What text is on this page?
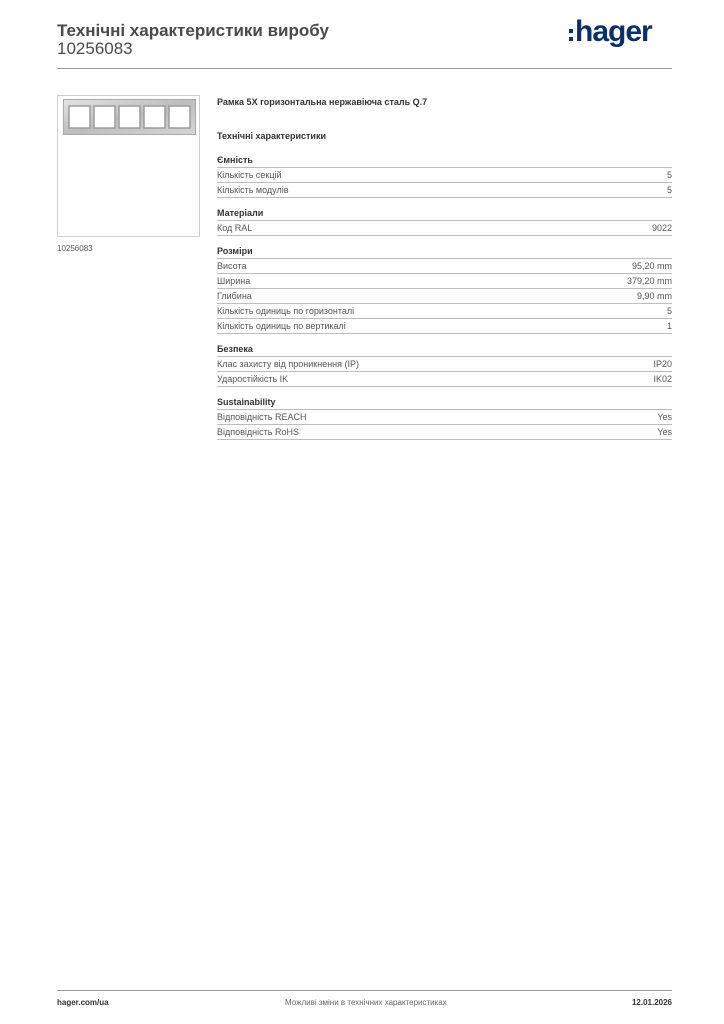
Технічні характеристики виробу
10256083
hager
10256083
Рамка 5X горизонтальна нержавіюча сталь Q.7
Технічні характеристики
Ємність
Кількість секцій	5
Кількість модулів	5
Матеріали
Код RAL	9022
Розміри
Висота	95,20 mm
Ширина	379,20 mm
Глибина	9,90 mm
Кількість одиниць по горизонталі	5
Кількість одиниць по вертикалі	1
Безпека
Клас захисту від проникнення (IP)	IP20
Ударостійкість IK	IK02
Sustainability
Відповідність REACH	Yes
Відповідність RoHS	Yes
hager.com/ua	Можливі зміни в технічних характеристиках	12.01.2026
